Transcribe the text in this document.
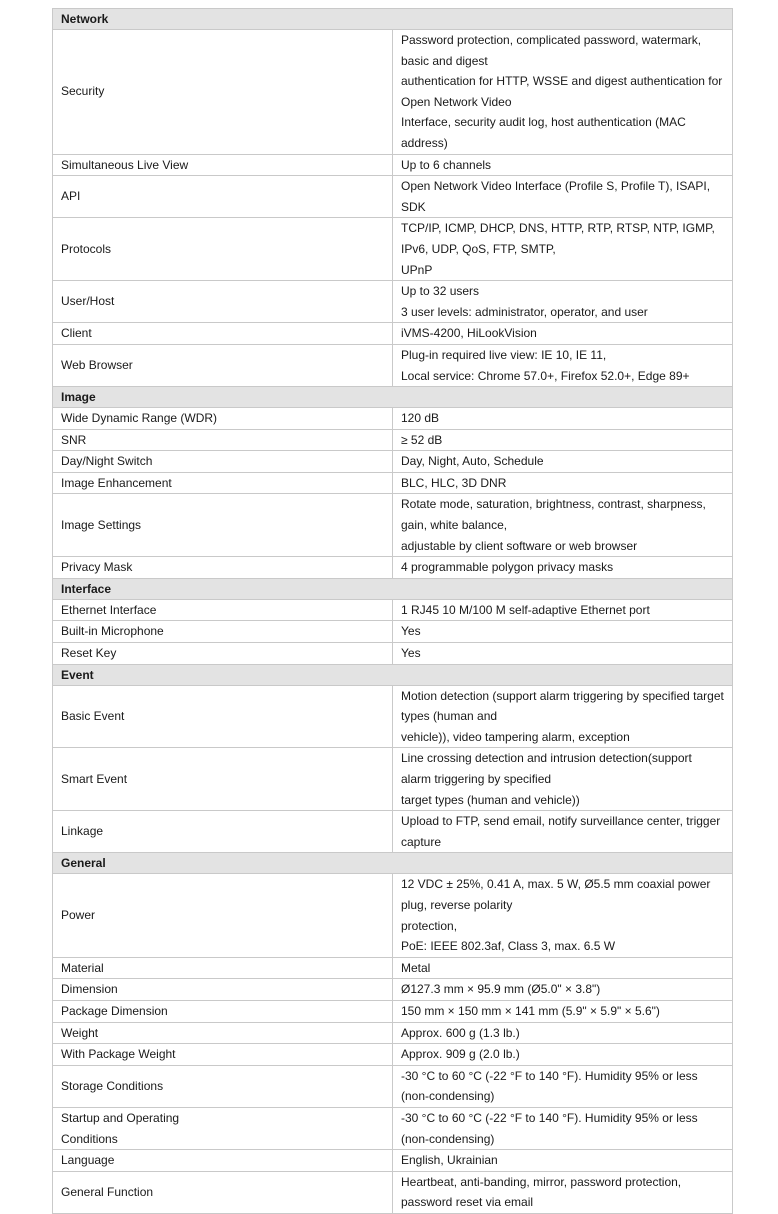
Network	
Security	Password protection, complicated password, watermark, basic and digest
authentication for HTTP, WSSE and digest authentication for Open Network Video
Interface, security audit log, host authentication (MAC address)

Simultaneous Live View	Up to 6 channels

API	Open Network Video Interface (Profile S, Profile T), ISAPI, SDK

Protocols	TCP/IP, ICMP, DHCP, DNS, HTTP, RTP, RTSP, NTP, IGMP, IPv6, UDP, QoS, FTP, SMTP,
UPnP

User/Host	Up to 32 users
3 user levels: administrator, operator, and user

Client	iVMS-4200, HiLookVision

Web Browser	Plug-in required live view: IE 10, IE 11,
Local service: Chrome 57.0+, Firefox 52.0+, Edge 89+

Image	
Wide Dynamic Range (WDR)	120 dB

SNR	≥ 52 dB

Day/Night Switch	Day, Night, Auto, Schedule

Image Enhancement	BLC, HLC, 3D DNR

Image Settings	Rotate mode, saturation, brightness, contrast, sharpness, gain, white balance,
adjustable by client software or web browser

Privacy Mask	4 programmable polygon privacy masks

Interface	
Ethernet Interface	1 RJ45 10 M/100 M self-adaptive Ethernet port

Built-in Microphone	Yes

Reset Key	Yes

Event	
Basic Event	Motion detection (support alarm triggering by specified target types (human and
vehicle)), video tampering alarm, exception

Smart Event	Line crossing detection and intrusion detection(support alarm triggering by specified
target types (human and vehicle))

Linkage	Upload to FTP, send email, notify surveillance center, trigger capture

General	
Power	12 VDC ± 25%, 0.41 A, max. 5 W, Ø5.5 mm coaxial power plug, reverse polarity
protection,
PoE: IEEE 802.3af, Class 3, max. 6.5 W

Material	Metal

Dimension	Ø127.3 mm × 95.9 mm (Ø5.0" × 3.8")

Package Dimension	150 mm × 150 mm × 141 mm (5.9" × 5.9" × 5.6")

Weight	Approx. 600 g (1.3 lb.)

With Package Weight	Approx. 909 g (2.0 lb.)

Storage Conditions	-30 °C to 60 °C (-22 °F to 140 °F). Humidity 95% or less (non-condensing)

Startup and Operating
Conditions	-30 °C to 60 °C (-22 °F to 140 °F). Humidity 95% or less (non-condensing)

Language	English, Ukrainian

General Function	Heartbeat, anti-banding, mirror, password protection, password reset via email
